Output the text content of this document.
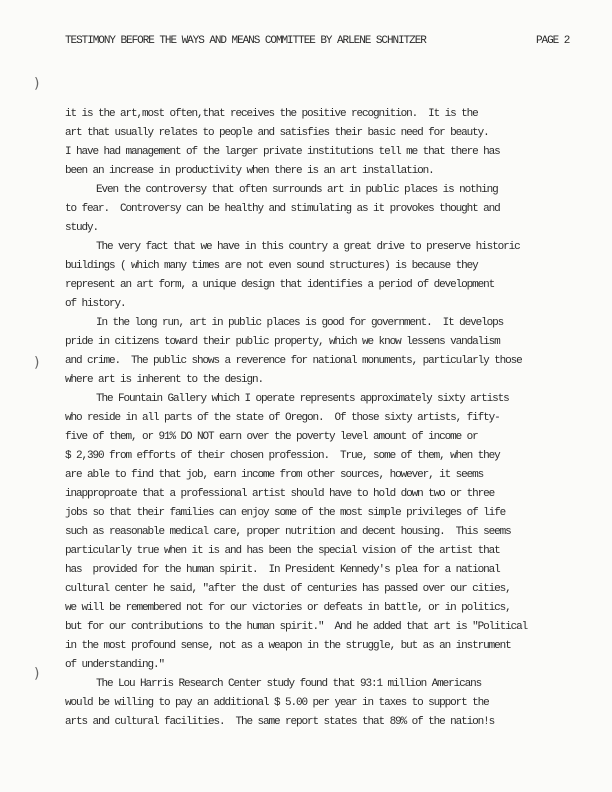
TESTIMONY BEFORE THE WAYS AND MEANS COMMITTEE BY ARLENE SCHNITZER	PAGE 2
)
)
)
it is the art,most often,that receives the positive recognition.  It is the
art that usually relates to people and satisfies their basic need for beauty.
I have had management of the larger private institutions tell me that there has
been an increase in productivity when there is an art installation.
Even the controversy that often surrounds art in public places is nothing
to fear.  Controversy can be healthy and stimulating as it provokes thought and
study.
The very fact that we have in this country a great drive to preserve historic
buildings ( which many times are not even sound structures) is because they
represent an art form, a unique design that identifies a period of development
of history.
In the long run, art in public places is good for government.  It develops
pride in citizens toward their public property, which we know lessens vandalism
and crime.  The public shows a reverence for national monuments, particularly those
where art is inherent to the design.
The Fountain Gallery which I operate represents approximately sixty artists
who reside in all parts of the state of Oregon.  Of those sixty artists, fifty-
five of them, or 91% DO NOT earn over the poverty level amount of income or
$ 2,390 from efforts of their chosen profession.  True, some of them, when they
are able to find that job, earn income from other sources, however, it seems
inapproproate that a professional artist should have to hold down two or three
jobs so that their families can enjoy some of the most simple privileges of life
such as reasonable medical care, proper nutrition and decent housing.  This seems
particularly true when it is and has been the special vision of the artist that
has  provided for the human spirit.  In President Kennedy's plea for a national
cultural center he said, "after the dust of centuries has passed over our cities,
we will be remembered not for our victories or defeats in battle, or in politics,
but for our contributions to the human spirit."  And he added that art is "Political
in the most profound sense, not as a weapon in the struggle, but as an instrument
of understanding."
The Lou Harris Research Center study found that 93:1 million Americans
would be willing to pay an additional $ 5.00 per year in taxes to support the
arts and cultural facilities.  The same report states that 89% of the nation!s
